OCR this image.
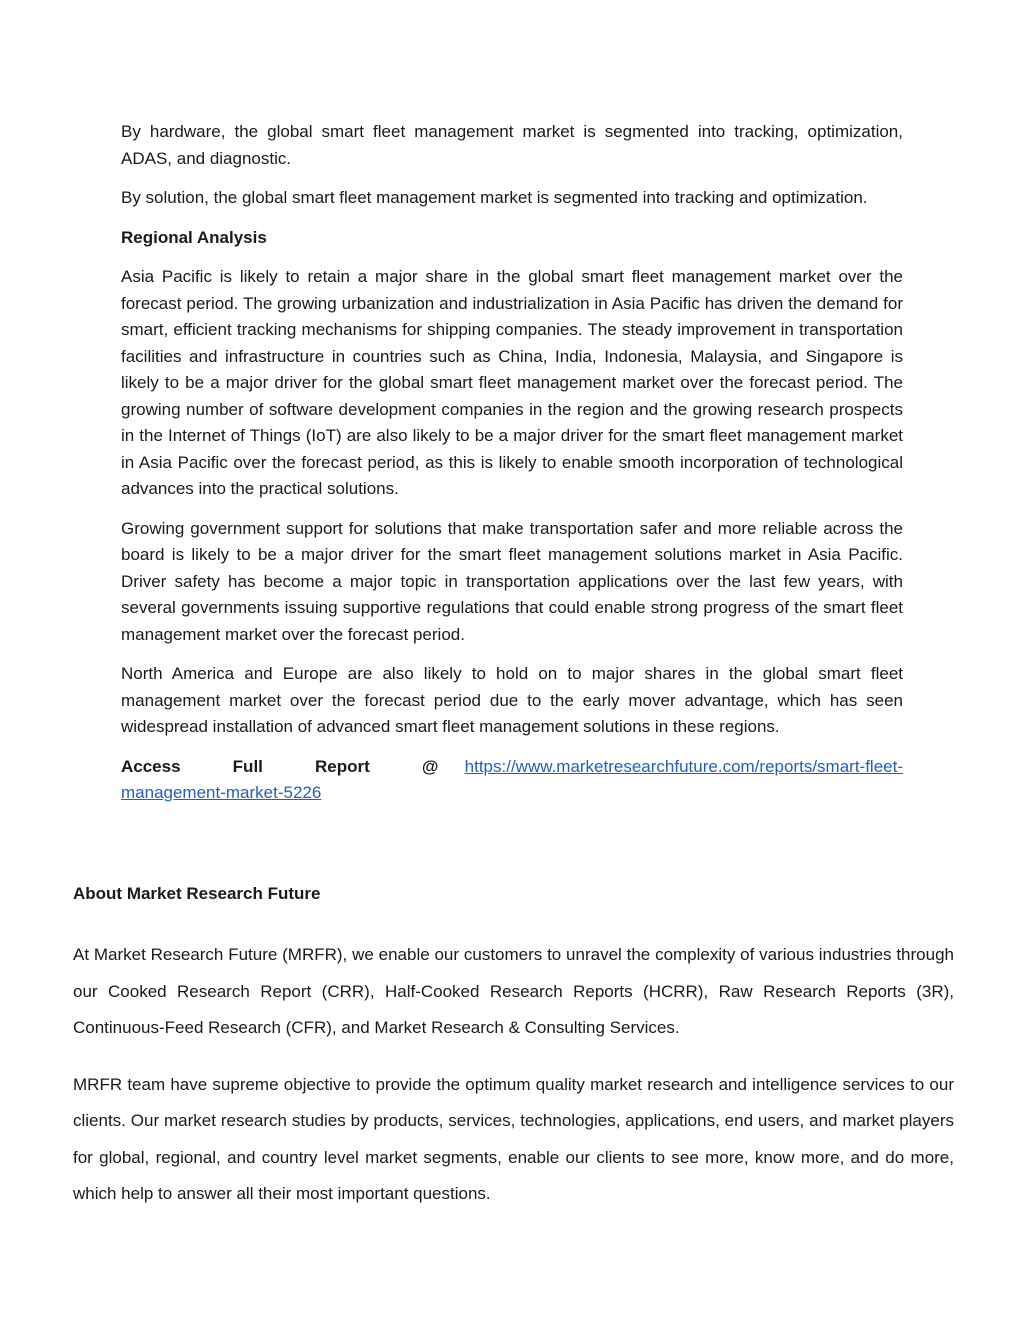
By hardware, the global smart fleet management market is segmented into tracking, optimization, ADAS, and diagnostic.

By solution, the global smart fleet management market is segmented into tracking and optimization.

Regional Analysis

Asia Pacific is likely to retain a major share in the global smart fleet management market over the forecast period. The growing urbanization and industrialization in Asia Pacific has driven the demand for smart, efficient tracking mechanisms for shipping companies. The steady improvement in transportation facilities and infrastructure in countries such as China, India, Indonesia, Malaysia, and Singapore is likely to be a major driver for the global smart fleet management market over the forecast period. The growing number of software development companies in the region and the growing research prospects in the Internet of Things (IoT) are also likely to be a major driver for the smart fleet management market in Asia Pacific over the forecast period, as this is likely to enable smooth incorporation of technological advances into the practical solutions.

Growing government support for solutions that make transportation safer and more reliable across the board is likely to be a major driver for the smart fleet management solutions market in Asia Pacific. Driver safety has become a major topic in transportation applications over the last few years, with several governments issuing supportive regulations that could enable strong progress of the smart fleet management market over the forecast period.

North America and Europe are also likely to hold on to major shares in the global smart fleet management market over the forecast period due to the early mover advantage, which has seen widespread installation of advanced smart fleet management solutions in these regions.

Access Full Report @ https://www.marketresearchfuture.com/reports/smart-fleet-management-market-5226

About Market Research Future

At Market Research Future (MRFR), we enable our customers to unravel the complexity of various industries through our Cooked Research Report (CRR), Half-Cooked Research Reports (HCRR), Raw Research Reports (3R), Continuous-Feed Research (CFR), and Market Research & Consulting Services.

MRFR team have supreme objective to provide the optimum quality market research and intelligence services to our clients. Our market research studies by products, services, technologies, applications, end users, and market players for global, regional, and country level market segments, enable our clients to see more, know more, and do more, which help to answer all their most important questions.
